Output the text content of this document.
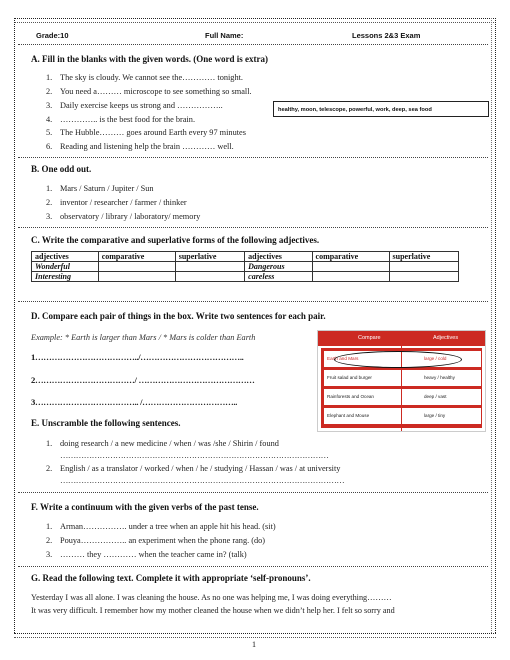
Grade:10	Full Name:	Lessons 2&3 Exam
A. Fill in the blanks with the given words. (One word is extra)
1. The sky is cloudy. We cannot see the………… tonight.
2. You need a……… microscope to see something so small.
3. Daily exercise keeps us strong and ……………..
4. ………….. is the best food for the brain.
5. The Hubble……… goes around Earth every 97 minutes
6. Reading and listening help the brain ………… well.
healthy, moon, telescope, powerful, work, deep, sea food
B. One odd out.
1. Mars / Saturn / Jupiter / Sun
2. inventor / researcher / farmer / thinker
3. observatory / library / laboratory/ memory
C. Write the comparative and superlative forms of the following adjectives.
adjectives	comparative	superlative	adjectives	comparative	superlative
Wonderful			Dangerous		
Interesting			careless		
D. Compare each pair of things in the box. Write two sentences for each pair.
Example: * Earth is larger than Mars / * Mars is colder than Earth
1………………………………../………………………………..
2………………………………/ ……………………………………
3……………………………….. /……………………………..
Compare	Adjectives
Earth and Mars	large / cold
Fruit salad and burger	heavy / healthy
Rainforests and Ocean	deep / vast
Elephant and Mouse	large / tiny
E. Unscramble the following sentences.
1. doing research / a new medicine / when / was /she / Shirin / found
…………………………………………………………………………………………
2. English / as a translator / worked / when / he / studying / Hassan / was / at university
………………………………………………………………………………………………
F. Write a continuum with the given verbs of the past tense.
1. Arman……………. under a tree when an apple hit his head. (sit)
2. Pouya…………….. an experiment when the phone rang. (do)
3. ……… they ………… when the teacher came in? (talk)
G. Read the following text. Complete it with appropriate ‘self-pronouns’.
Yesterday I was all alone. I was cleaning the house. As no one was helping me, I was doing everything………
It was very difficult. I remember how my mother cleaned the house when we didn’t help her. I felt so sorry and
1
